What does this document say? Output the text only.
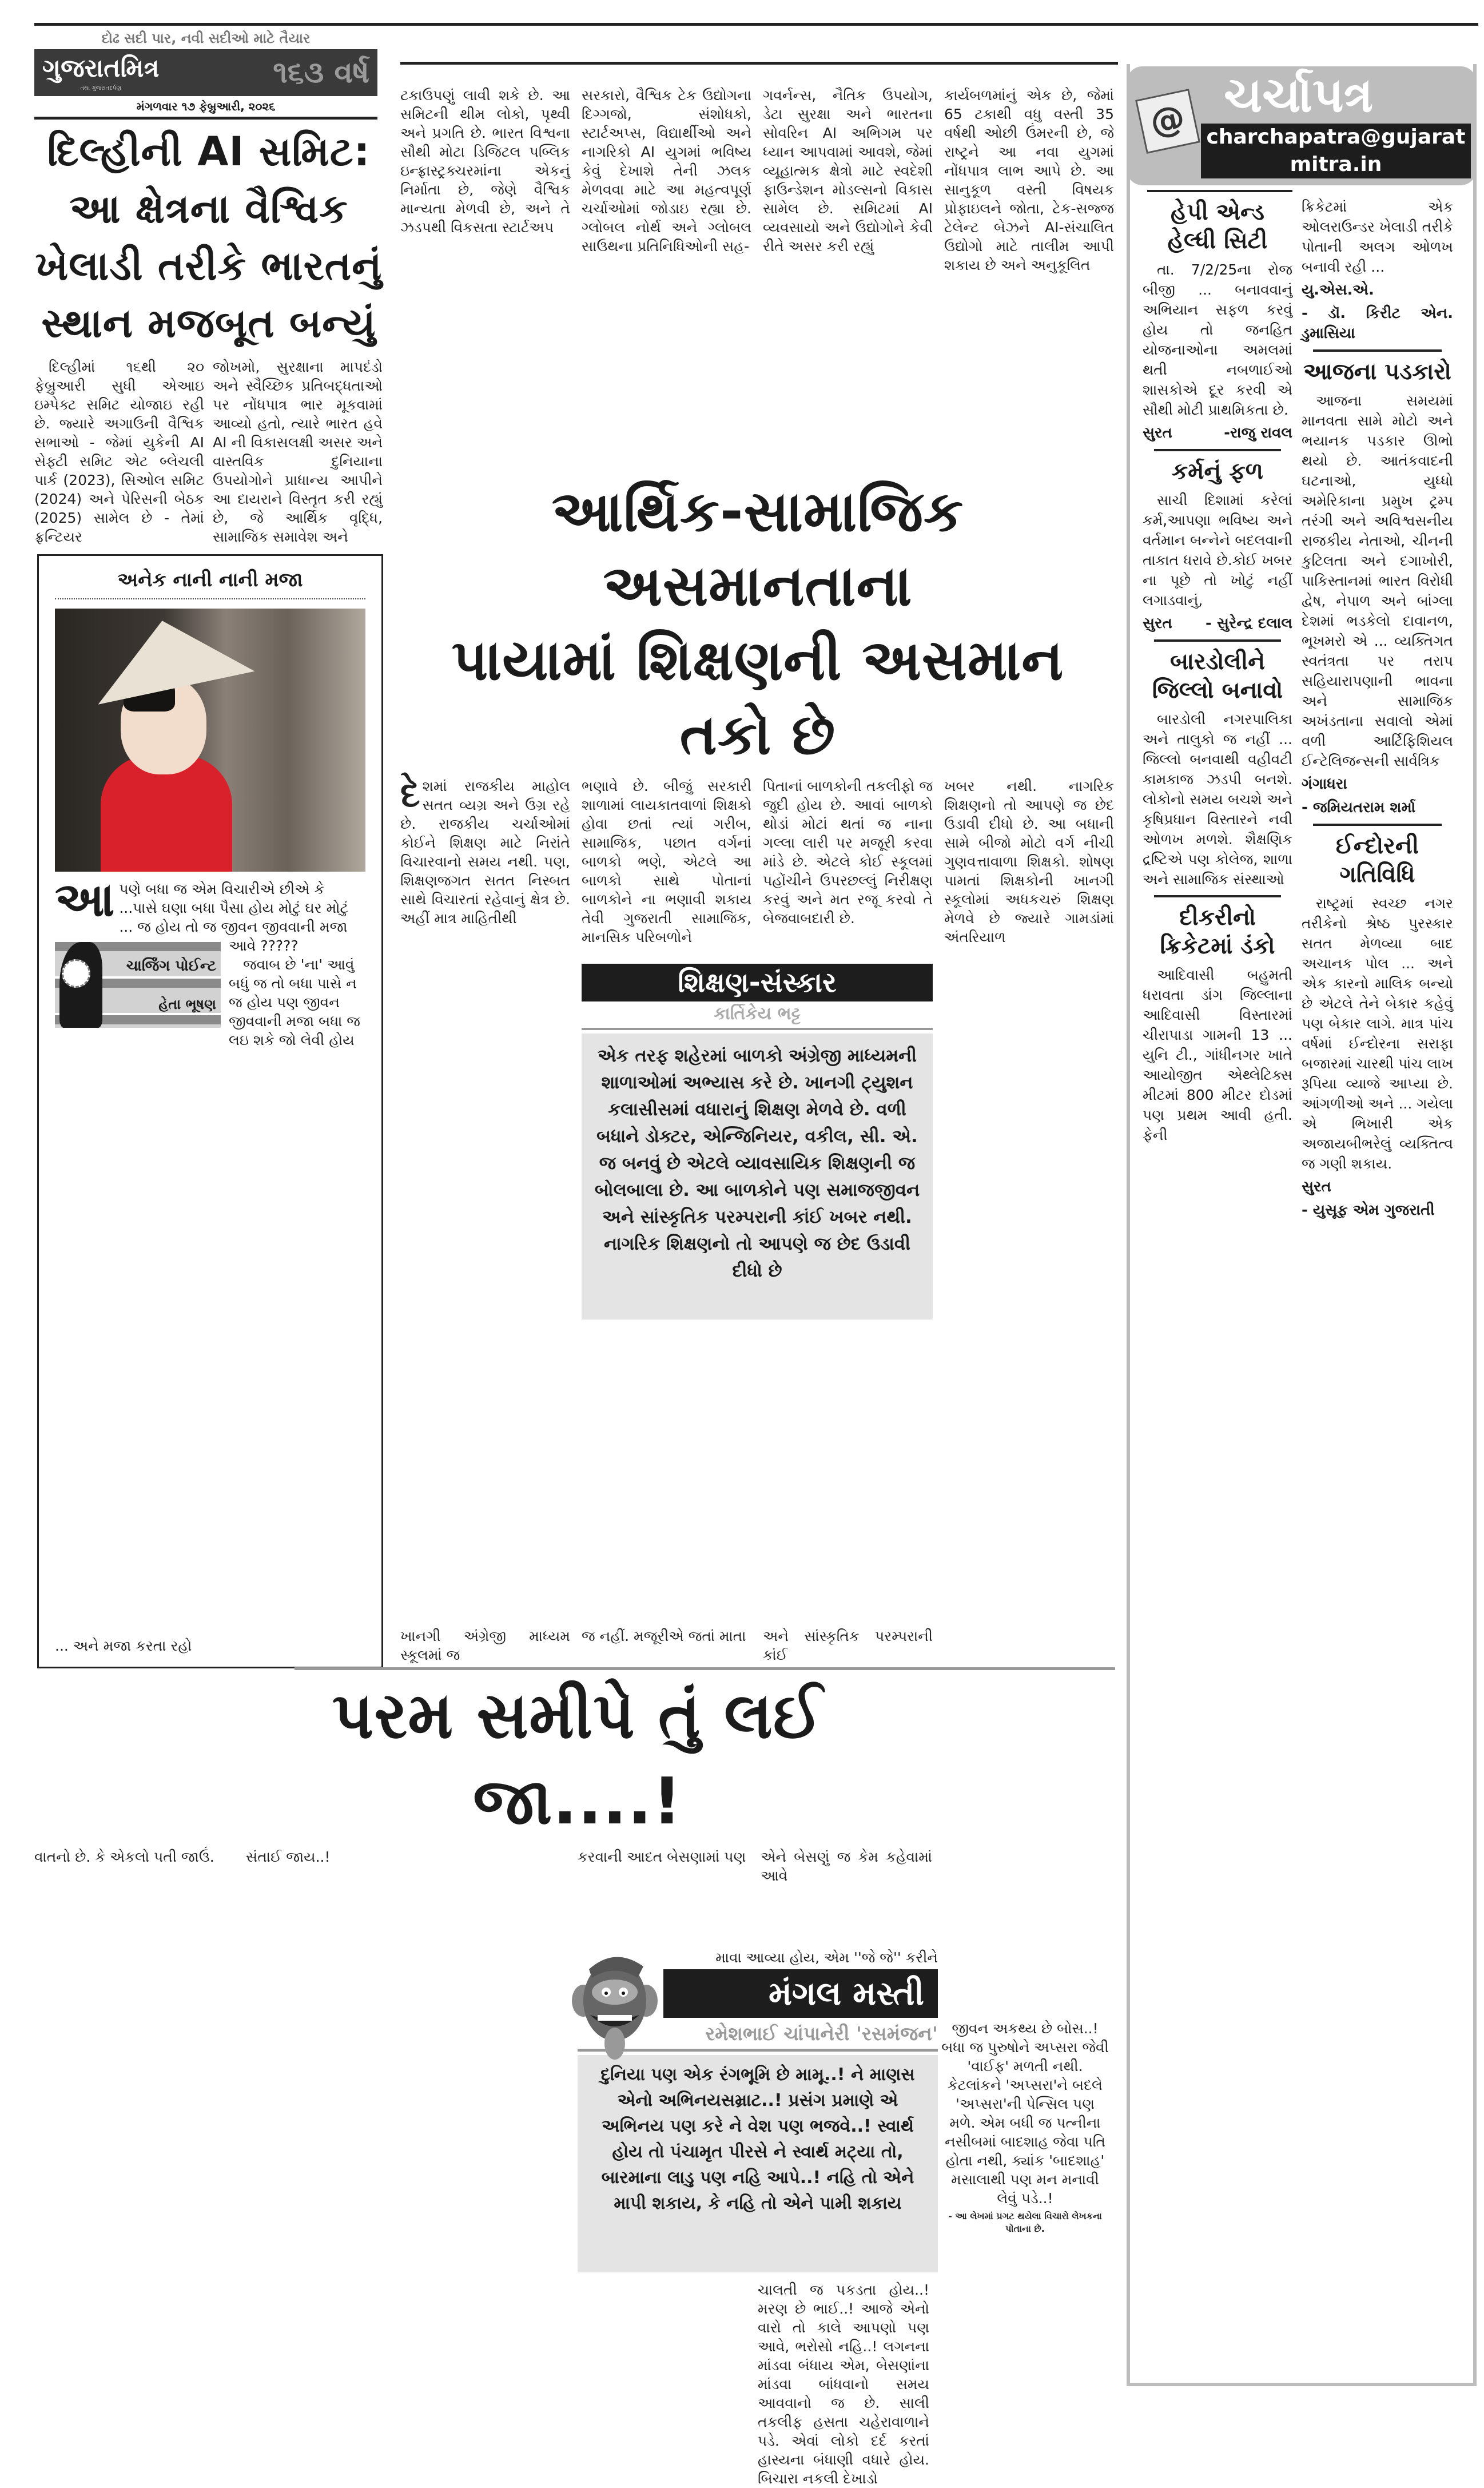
દોઢ સદી પાર, નવી સદીઓ માટે તૈયાર
ગુજરાતમિત્ર
તથા ગુજરાતદર્પણ	૧૬૩ વર્ષ
મંગળવાર ૧૭ ફેબ્રુઆરી, ૨૦૨૬
દિલ્હીની AI સમિટ: આ ક્ષેત્રના વૈશ્વિક ખેલાડી તરીકે ભારતનું સ્થાન મજબૂત બન્યું
દિલ્હીમાં ૧૬થી ૨૦ ફેબ્રુઆરી સુધી એઆઇ ઇમ્પેક્ટ સમિટ યોજાઇ રહી છે. જ્યારે અગાઉની વૈશ્વિક સભાઓ - જેમાં યુકેની AI સેફ્ટી સમિટ એટ બ્લેચલી પાર્ક (2023), સિઓલ સમિટ (2024) અને પેરિસની બેઠક (2025) સામેલ છે - તેમાં ફ્રન્ટિયર
જોખમો, સુરક્ષાના માપદંડો અને સ્વૈચ્છિક પ્રતિબદ્ધતાઓ પર નોંધપાત્ર ભાર મૂકવામાં આવ્યો હતો, ત્યારે ભારત હવે AI ની વિકાસલક્ષી અસર અને વાસ્તવિક દુનિયાના ઉપયોગોને પ્રાધાન્ય આપીને આ દાયરાને વિસ્તૃત કરી રહ્યું છે, જે આર્થિક વૃદ્ધિ, સામાજિક સમાવેશ અને
અનેક નાની નાની મજા
આ પણે બધા જ એમ વિચારીએ છીએ કે ...પાસે ઘણા બધા પૈસા હોય મોટું ઘર મોટું ... જ હોય તો જ જીવન જીવવાની મજા આવે ?????
ચાર્જિંગ પોઈન્ટ
હેતા ભૂષણ
જવાબ છે 'ના' આવું બધું જ તો બધા પાસે ન જ હોય પણ જીવન જીવવાની મજા બધા જ લઇ શકે જો લેવી હોય
... અને મજા કરતા રહો
ટકાઉપણું લાવી શકે છે. આ સમિટની થીમ લોકો, પૃથ્વી અને પ્રગતિ છે. ભારત વિશ્વના સૌથી મોટા ડિજિટલ પબ્લિક ઇન્ફ્રાસ્ટ્રક્ચરમાંના એકનું નિર્માતા છે, જેણે વૈશ્વિક માન્યતા મેળવી છે, અને તે ઝડપથી વિકસતા સ્ટાર્ટઅપ
સરકારો, વૈશ્વિક ટેક ઉદ્યોગના દિગ્ગજો, સંશોધકો, સ્ટાર્ટઅપ્સ, વિદ્યાર્થીઓ અને નાગરિકો AI યુગમાં ભવિષ્ય કેવું દેખાશે તેની ઝલક મેળવવા માટે આ મહત્વપૂર્ણ ચર્ચાઓમાં જોડાઇ રહ્યા છે. ગ્લોબલ નોર્થ અને ગ્લોબલ સાઉથના પ્રતિનિધિઓની સહ-
ગવર્નન્સ, નૈતિક ઉપયોગ, ડેટા સુરક્ષા અને ભારતના સોવરિન AI અભિગમ પર ધ્યાન આપવામાં આવશે, જેમાં વ્યૂહાત્મક ક્ષેત્રો માટે સ્વદેશી ફાઉન્ડેશન મોડલ્સનો વિકાસ સામેલ છે. સમિટમાં AI વ્યવસાયો અને ઉદ્યોગોને કેવી રીતે અસર કરી રહ્યું
કાર્યબળમાંનું એક છે, જેમાં 65 ટકાથી વધુ વસ્તી 35 વર્ષથી ઓછી ઉંમરની છે, જે રાષ્ટ્રને આ નવા યુગમાં નોંધપાત્ર લાભ આપે છે. આ સાનુકૂળ વસ્તી વિષયક પ્રોફાઇલને જોતા, ટેક-સજ્જ ટેલેન્ટ બેઝને AI-સંચાલિત ઉદ્યોગો માટે તાલીમ આપી શકાય છે અને અનુકૂલિત
આર્થિક-સામાજિક અસમાનતાના
પાયામાં શિક્ષણની અસમાન તકો છે
દેશમાં રાજકીય માહોલ સતત વ્યગ્ર અને ઉગ્ર રહે છે. રાજકીય ચર્ચાઓમાં કોઈને શિક્ષણ માટે નિરાંતે વિચારવાનો સમય નથી. પણ, શિક્ષણજગત સતત નિસ્બત સાથે વિચારતાં રહેવાનું ક્ષેત્ર છે. અહીં માત્ર માહિતીથી
ભણાવે છે. બીજું સરકારી શાળામાં લાયકાતવાળાં શિક્ષકો હોવા છતાં ત્યાં ગરીબ, સામાજિક, પછાત વર્ગનાં બાળકો ભણે, એટલે આ બાળકો સાથે પોતાનાં બાળકોને ના ભણાવી શકાય તેવી ગુજરાતી સામાજિક, માનસિક પરિબળોને
પિતાનાં બાળકોની તકલીફો જ જુદી હોય છે. આવાં બાળકો થોડાં મોટાં થતાં જ નાના ગલ્લા લારી પર મજૂરી કરવા માંડે છે. એટલે કોઈ સ્કૂલમાં પહોંચીને ઉપરછલ્લું નિરીક્ષણ કરવું અને મત રજૂ કરવો તે બેજવાબદારી છે.
શિક્ષણ-સંસ્કાર
કાર્તિકેય ભટ્ટ
એક તરફ શહેરમાં બાળકો અંગ્રેજી માધ્યમની શાળાઓમાં અભ્યાસ કરે છે. ખાનગી ટ્યુશન કલાસીસમાં વધારાનું શિક્ષણ મેળવે છે. વળી બધાને ડોક્ટર, એન્જિનિયર, વકીલ, સી. એ. જ બનવું છે એટલે વ્યાવસાયિક શિક્ષણની જ બોલબાલા છે. આ બાળકોને પણ સમાજજીવન અને સાંસ્કૃતિક પરમ્પરાની કાંઈ ખબર નથી. નાગરિક શિક્ષણનો તો આપણે જ છેદ ઉડાવી દીધો છે
ખબર નથી. નાગરિક શિક્ષણનો તો આપણે જ છેદ ઉડાવી દીધો છે. આ બધાની સામે બીજો મોટો વર્ગ નીચી ગુણવત્તાવાળા શિક્ષકો. શોષણ પામતાં શિક્ષકોની ખાનગી સ્કૂલોમાં અધકચરું શિક્ષણ મેળવે છે જ્યારે ગામડાંમાં અંતરિયાળ
ખાનગી અંગ્રેજી માધ્યમ સ્કૂલમાં જ
જ નહીં. મજૂરીએ જતાં માતા	અને સાંસ્કૃતિક પરમ્પરાની કાંઈ
પરમ સમીપે તું લઈ જા....!
વાતનો છે. કે એકલો પતી જાઉં.	સંતાઈ જાય..!	કરવાની આદત બેસણામાં પણ એને બેસણું જ કેમ કહેવામાં આવે
માવા આવ્યા હોય, એમ ''જે જે'' કરીને
મંગલ મસ્તી
રમેશભાઈ ચાંપાનેરી 'રસમંજન'
દુનિયા પણ એક રંગભૂમિ છે મામૂ..! ને માણસ એનો અભિનયસમ્રાટ..! પ્રસંગ પ્રમાણે એ અભિનય પણ કરે ને વેશ પણ ભજવે..! સ્વાર્થ હોય તો પંચામૃત પીરસે ને સ્વાર્થ મટ્યા તો, બારમાના લાડુ પણ નહિ આપે..! નહિ તો એને માપી શકાય, કે નહિ તો એને પામી શકાય
ચાલતી જ પકડતા હોય..! મરણ છે ભાઈ..! આજે એનો વારો તો કાલે આપણો પણ આવે, ભરોસો નહિ..! લગનના માંડવા બંધાય એમ, બેસણાંના માંડવા બાંધવાનો સમય આવવાનો જ છે. સાલી તકલીફ હસતા ચહેરાવાળાને પડે. એવાં લોકો દર્દ કરતાં હાસ્યના બંધાણી વધારે હોય. બિચારા નકલી દેખાડો
જીવન અકથ્ય છે બોસ..! બધા જ પુરુષોને અપ્સરા જેવી 'વાઈફ' મળતી નથી. કેટલાંકને 'અપ્સરા'ને બદલે 'અપ્સરા'ની પેન્સિલ પણ મળે. એમ બધી જ પત્નીના નસીબમાં બાદશાહ જેવા પતિ હોતા નથી, ક્યાંક 'બાદશાહ' મસાલાથી પણ મન મનાવી લેવું પડે..!
- આ લેખમાં પ્રગટ થયેલા વિચારો લેખકના પોતાના છે.
@ ચર્ચાપત્ર
charchapatra@gujaratmitra.in
હેપી એન્ડ હેલ્ધી સિટી
તા. 7/2/25ના રોજ બીજી ... બનાવવાનું અભિયાન સફળ કરવું હોય તો જનહિત યોજનાઓના અમલમાં થતી નબળાઈઓ શાસકોએ દૂર કરવી એ સૌથી મોટી પ્રાથમિકતા છે.
સુરત	-રાજુ રાવલ
કર્મનું ફળ
સાચી દિશામાં કરેલાં કર્મ,આપણા ભવિષ્ય અને વર્તમાન બન્નેને બદલવાની તાકાત ધરાવે છે.કોઈ ખબર ના પૂછે તો ખોટું નહીં લગાડવાનું,
સુરત - સુરેન્દ્ર દલાલ
બારડોલીને જિલ્લો બનાવો
બારડોલી નગરપાલિકા અને તાલુકો જ નહીં ... જિલ્લો બનવાથી વહીવટી કામકાજ ઝડપી બનશે. લોકોનો સમય બચશે અને કૃષિપ્રધાન વિસ્તારને નવી ઓળખ મળશે. શૈક્ષણિક દ્રષ્ટિએ પણ કોલેજ, શાળા અને સામાજિક સંસ્થાઓ
દીકરીનો ક્રિકેટમાં ડંકો
આદિવાસી બહુમતી ધરાવતા ડાંગ જિલ્લાના આદિવાસી વિસ્તારમાં ચીરાપાડા ગામની 13 ... યુનિ ટી., ગાંધીનગર ખાતે આયોજીત એથ્લેટિક્સ મીટમાં 800 મીટર દોડમાં પણ પ્રથમ આવી હતી. ફેની
ક્રિકેટમાં એક ઓલરાઉન્ડર ખેલાડી તરીકે પોતાની અલગ ઓળખ બનાવી રહી ...
યુ.એસ.એ.
- ડૉ. કિરીટ એન. ડુમાસિયા
આજના પડકારો
આજના સમયમાં માનવતા સામે મોટો અને ભયાનક પડકાર ઊભો થયો છે. આતંકવાદની ઘટનાઓ, યુધ્ધો અમેરિકાના પ્રમુખ ટ્રમ્પ તરંગી અને અવિશ્વસનીય રાજકીય નેતાઓ, ચીનની કુટિલતા અને દગાખોરી, પાકિસ્તાનમાં ભારત વિરોધી દ્વેષ, નેપાળ અને બાંગ્લા દેશમાં ભડકેલો દાવાનળ, ભૂખમરો એ ... વ્યક્તિગત સ્વતંત્રતા પર તરાપ સહિયારાપણાની ભાવના અને સામાજિક અખંડતાના સવાલો એમાં વળી આર્ટિફિશિયલ ઈન્ટેલિજન્સની સાર્વત્રિક
ગંગાધરા
- જમિયતરામ શર્મા
ઈન્દોરની ગતિવિધિ
રાષ્ટ્રમાં સ્વચ્છ નગર તરીકેનો શ્રેષ્ઠ પુરસ્કાર સતત મેળવ્યા બાદ અચાનક પોલ ... અને એક કારનો માલિક બન્યો છે એટલે તેને બેકાર કહેવું પણ બેકાર લાગે. માત્ર પાંચ વર્ષમાં ઈન્દોરના સરાફા બજારમાં ચારથી પાંચ લાખ રૂપિયા વ્યાજે આપ્યા છે. આંગળીઓ અને ... ગયેલા એ ભિખારી એક અજાયબીભરેલું વ્યક્તિત્વ જ ગણી શકાય.
સુરત
- યુસૂફ એમ ગુજરાતી
